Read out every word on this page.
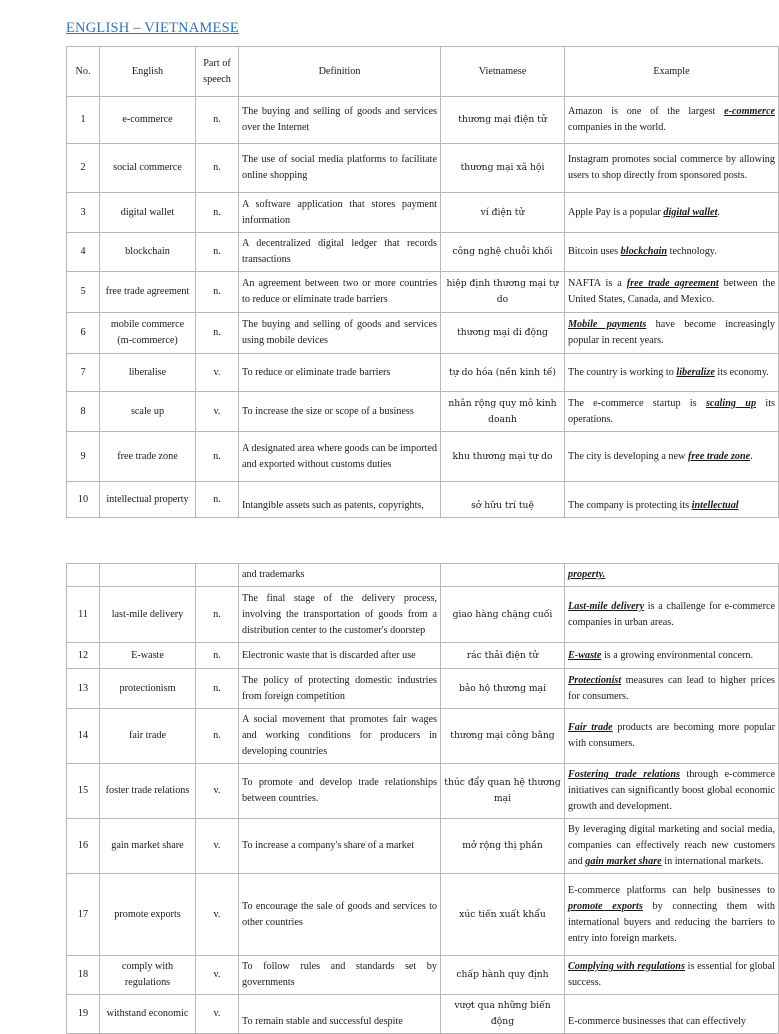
ENGLISH – VIETNAMESE
No.	English	Part of speech	Definition	Vietnamese	Example
1	e-commerce	n.	The buying and selling of goods and services over the Internet	thương mại điện tử	Amazon is one of the largest e-commerce companies in the world.
2	social commerce	n.	The use of social media platforms to facilitate online shopping	thương mại xã hội	Instagram promotes social commerce by allowing users to shop directly from sponsored posts.
3	digital wallet	n.	A software application that stores payment information	ví điện tử	Apple Pay is a popular digital wallet.
4	blockchain	n.	A decentralized digital ledger that records transactions	công nghệ chuỗi khối	Bitcoin uses blockchain technology.
5	free trade agreement	n.	An agreement between two or more countries to reduce or eliminate trade barriers	hiệp định thương mại tự do	NAFTA is a free trade agreement between the United States, Canada, and Mexico.
6	mobile commerce (m-commerce)	n.	The buying and selling of goods and services using mobile devices	thương mại di động	Mobile payments have become increasingly popular in recent years.
7	liberalise	v.	To reduce or eliminate trade barriers	tự do hóa (nền kinh tế)	The country is working to liberalize its economy.
8	scale up	v.	To increase the size or scope of a business	nhân rộng quy mô kinh doanh	The e-commerce startup is scaling up its operations.
9	free trade zone	n.	A designated area where goods can be imported and exported without customs duties	khu thương mại tự do	The city is developing a new free trade zone.
10	intellectual property	n.	Intangible assets such as patents, copyrights,	sở hữu trí tuệ	The company is protecting its intellectual
			and trademarks		property.
11	last-mile delivery	n.	The final stage of the delivery process, involving the transportation of goods from a distribution center to the customer's doorstep	giao hàng chặng cuối	Last-mile delivery is a challenge for e-commerce companies in urban areas.
12	E-waste	n.	Electronic waste that is discarded after use	rác thải điện tử	E-waste is a growing environmental concern.
13	protectionism	n.	The policy of protecting domestic industries from foreign competition	bảo hộ thương mại	Protectionist measures can lead to higher prices for consumers.
14	fair trade	n.	A social movement that promotes fair wages and working conditions for producers in developing countries	thương mại công bằng	Fair trade products are becoming more popular with consumers.
15	foster trade relations	v.	To promote and develop trade relationships between countries.	thúc đẩy quan hệ thương mại	Fostering trade relations through e-commerce initiatives can significantly boost global economic growth and development.
16	gain market share	v.	To increase a company's share of a market	mở rộng thị phần	By leveraging digital marketing and social media, companies can effectively reach new customers and gain market share in international markets.
17	promote exports	v.	To encourage the sale of goods and services to other countries	xúc tiến xuất khẩu	E-commerce platforms can help businesses to promote exports by connecting them with international buyers and reducing the barriers to entry into foreign markets.
18	comply with regulations	v.	To follow rules and standards set by governments	chấp hành quy định	Complying with regulations is essential for global success.
19	withstand economic	v.	To remain stable and successful despite	vượt qua những biến động	E-commerce businesses that can effectively
